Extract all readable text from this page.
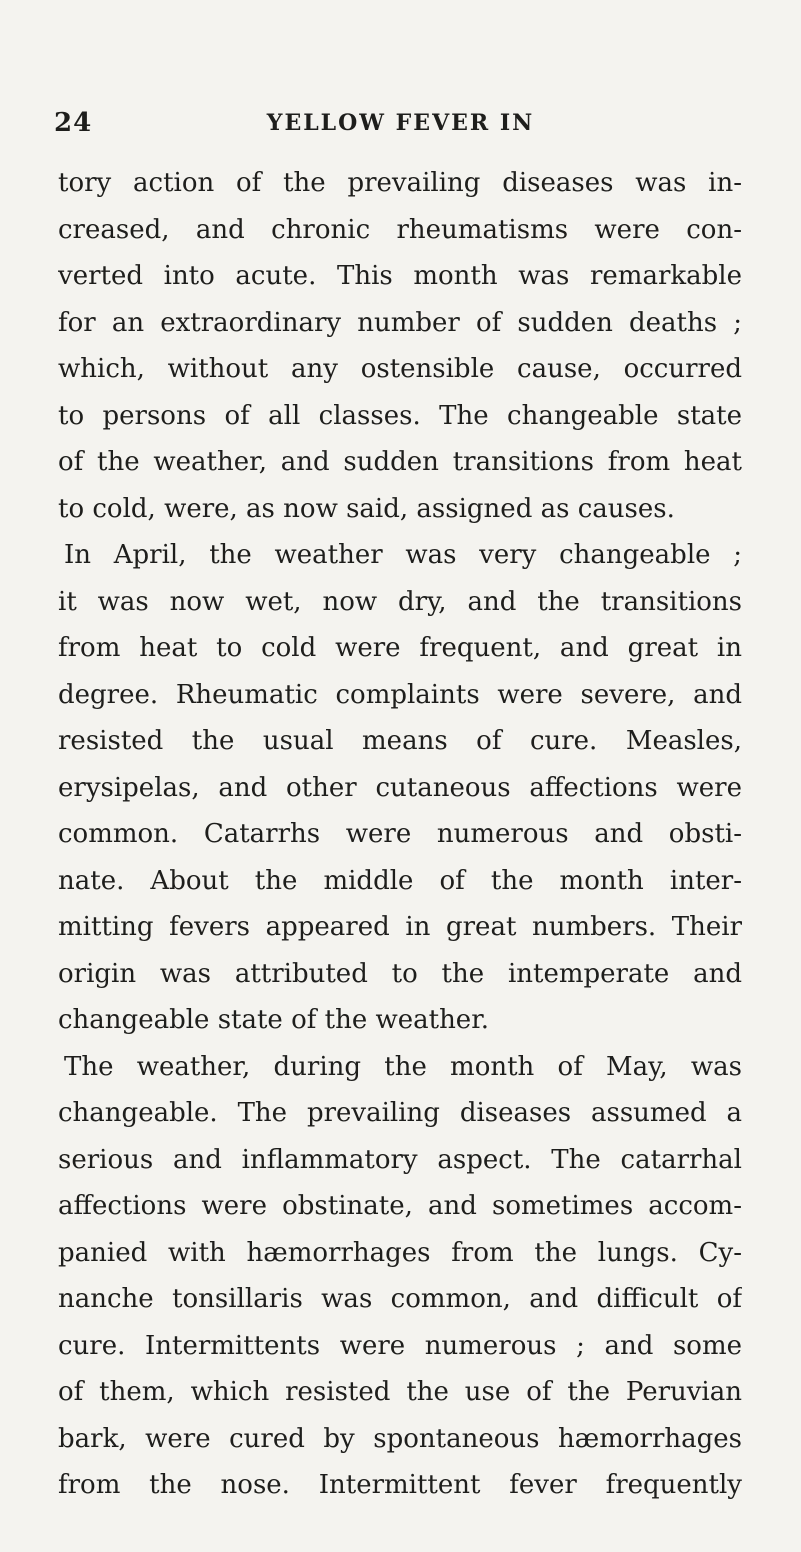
24	YELLOW FEVER IN
tory action of the prevailing diseases was in-
creased, and chronic rheumatisms were con-
verted into acute. This month was remarkable
for an extraordinary number of sudden deaths ;
which, without any ostensible cause, occurred
to persons of all classes. The changeable state
of the weather, and sudden transitions from heat
to cold, were, as now said, assigned as causes.
In April, the weather was very changeable ;
it was now wet, now dry, and the transitions
from heat to cold were frequent, and great in
degree. Rheumatic complaints were severe, and
resisted the usual means of cure. Measles,
erysipelas, and other cutaneous affections were
common. Catarrhs were numerous and obsti-
nate. About the middle of the month inter-
mitting fevers appeared in great numbers. Their
origin was attributed to the intemperate and
changeable state of the weather.
The weather, during the month of May, was
changeable. The prevailing diseases assumed a
serious and inflammatory aspect. The catarrhal
affections were obstinate, and sometimes accom-
panied with hæmorrhages from the lungs. Cy-
nanche tonsillaris was common, and difficult of
cure. Intermittents were numerous ; and some
of them, which resisted the use of the Peruvian
bark, were cured by spontaneous hæmorrhages
from the nose. Intermittent fever frequently
